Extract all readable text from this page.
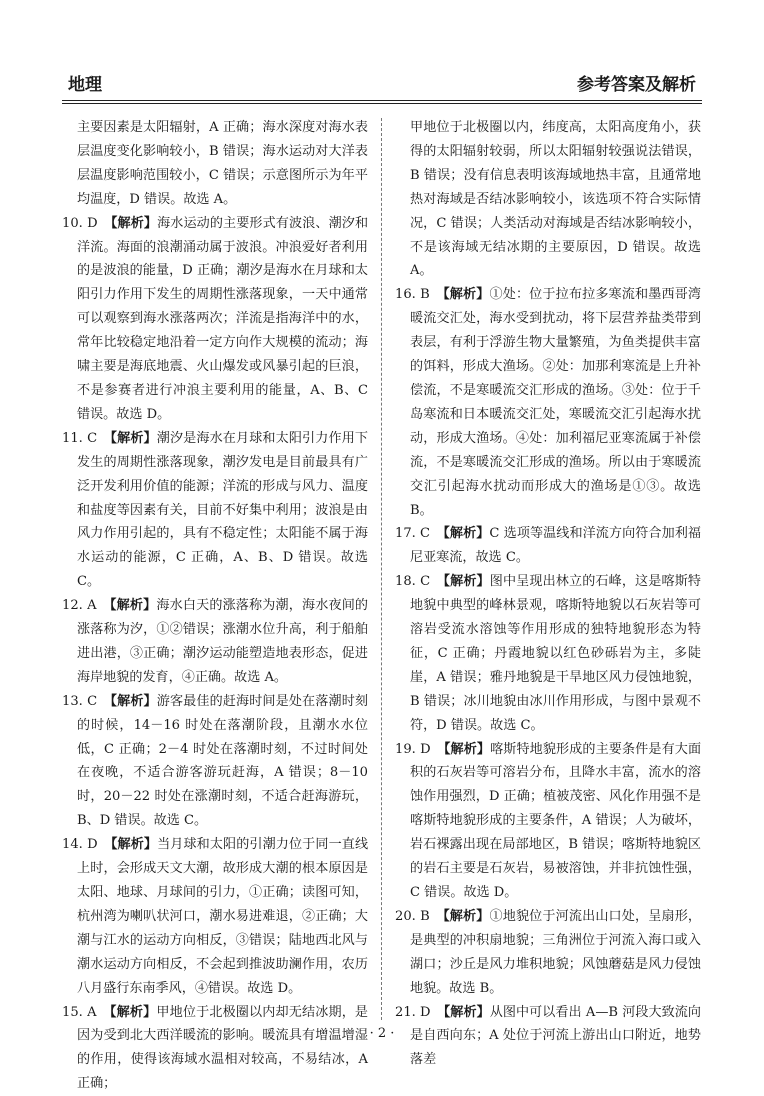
地理	参考答案及解析

主要因素是太阳辐射，A 正确；海水深度对海水表层温度变化影响较小，B 错误；海水运动对大洋表层温度影响范围较小，C 错误；示意图所示为年平均温度，D 错误。故选 A。

10. D　 【解析】海水运动的主要形式有波浪、潮汐和洋流。海面的浪潮涌动属于波浪。冲浪爱好者利用的是波浪的能量，D 正确；潮汐是海水在月球和太阳引力作用下发生的周期性涨落现象，一天中通常可以观察到海水涨落两次；洋流是指海洋中的水，常年比较稳定地沿着一定方向作大规模的流动；海啸主要是海底地震、火山爆发或风暴引起的巨浪，不是参赛者进行冲浪主要利用的能量，A、B、C 错误。故选 D。

11. C　 【解析】潮汐是海水在月球和太阳引力作用下发生的周期性涨落现象，潮汐发电是目前最具有广泛开发利用价值的能源；洋流的形成与风力、温度和盐度等因素有关，目前不好集中利用；波浪是由风力作用引起的，具有不稳定性；太阳能不属于海水运动的能源，C 正确，A、B、D 错误。故选 C。

12. A　 【解析】海水白天的涨落称为潮，海水夜间的涨落称为汐，①②错误；涨潮水位升高，利于船舶进出港，③正确；潮汐运动能塑造地表形态，促进海岸地貌的发育，④正确。故选 A。

13. C　 【解析】游客最佳的赶海时间是处在落潮时刻的时候，14－16 时处在落潮阶段，且潮水水位低，C 正确；2－4 时处在落潮时刻，不过时间处在夜晚，不适合游客游玩赶海，A 错误；8－10 时，20－22 时处在涨潮时刻，不适合赶海游玩，B、D 错误。故选 C。

14. D　 【解析】当月球和太阳的引潮力位于同一直线上时，会形成天文大潮，故形成大潮的根本原因是太阳、地球、月球间的引力，①正确；读图可知，杭州湾为喇叭状河口，潮水易进难退，②正确；大潮与江水的运动方向相反，③错误；陆地西北风与潮水运动方向相反，不会起到推波助澜作用，农历八月盛行东南季风，④错误。故选 D。

15. A　 【解析】甲地位于北极圈以内却无结冰期，是因为受到北大西洋暖流的影响。暖流具有增温增湿的作用，使得该海域水温相对较高，不易结冰，A 正确；

甲地位于北极圈以内，纬度高，太阳高度角小，获得的太阳辐射较弱，所以太阳辐射较强说法错误，B 错误；没有信息表明该海域地热丰富，且通常地热对海域是否结冰影响较小，该选项不符合实际情况，C 错误；人类活动对海域是否结冰影响较小，不是该海域无结冰期的主要原因，D 错误。故选 A。

16. B　 【解析】①处：位于拉布拉多寒流和墨西哥湾暖流交汇处，海水受到扰动，将下层营养盐类带到表层，有利于浮游生物大量繁殖，为鱼类提供丰富的饵料，形成大渔场。②处：加那利寒流是上升补偿流，不是寒暖流交汇形成的渔场。③处：位于千岛寒流和日本暖流交汇处，寒暖流交汇引起海水扰动，形成大渔场。④处：加利福尼亚寒流属于补偿流，不是寒暖流交汇形成的渔场。所以由于寒暖流交汇引起海水扰动而形成大的渔场是①③。故选 B。

17. C　 【解析】C 选项等温线和洋流方向符合加利福尼亚寒流，故选 C。

18. C　 【解析】图中呈现出林立的石峰，这是喀斯特地貌中典型的峰林景观，喀斯特地貌以石灰岩等可溶岩受流水溶蚀等作用形成的独特地貌形态为特征，C 正确；丹霞地貌以红色砂砾岩为主，多陡崖，A 错误；雅丹地貌是干旱地区风力侵蚀地貌，B 错误；冰川地貌由冰川作用形成，与图中景观不符，D 错误。故选 C。

19. D　 【解析】喀斯特地貌形成的主要条件是有大面积的石灰岩等可溶岩分布，且降水丰富，流水的溶蚀作用强烈，D 正确；植被茂密、风化作用强不是喀斯特地貌形成的主要条件，A 错误；人为破坏，岩石裸露出现在局部地区，B 错误；喀斯特地貌区的岩石主要是石灰岩，易被溶蚀，并非抗蚀性强，C 错误。故选 D。

20. B　 【解析】①地貌位于河流出山口处，呈扇形，是典型的冲积扇地貌；三角洲位于河流入海口或入湖口；沙丘是风力堆积地貌；风蚀蘑菇是风力侵蚀地貌。故选 B。

21. D　 【解析】从图中可以看出 A—B 河段大致流向是自西向东；A 处位于河流上游出山口附近，地势落差

· 2 ·
